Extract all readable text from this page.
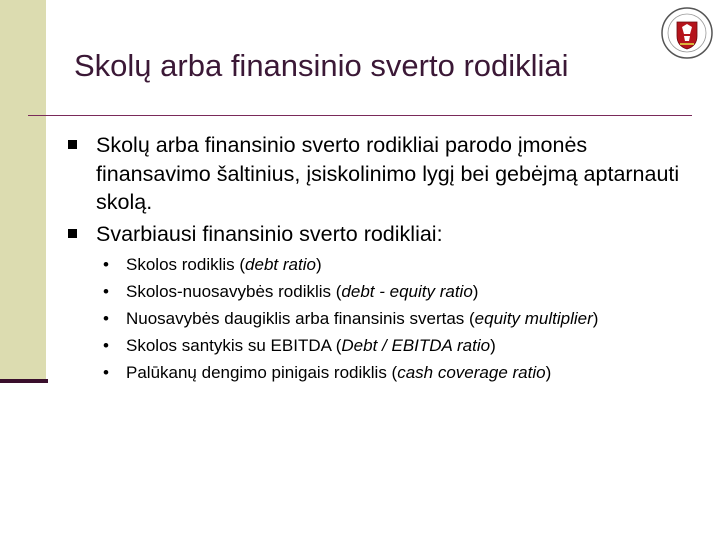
Skolų arba finansinio sverto rodikliai
Skolų arba finansinio sverto rodikliai parodo įmonės finansavimo šaltinius, įsiskolinimo lygį bei gebėjmą aptarnauti skolą.
Svarbiausi finansinio sverto rodikliai:
• Skolos rodiklis (debt ratio)
• Skolos-nuosavybės rodiklis (debt - equity ratio)
• Nuosavybės daugiklis arba finansinis svertas (equity multiplier)
• Skolos santykis su EBITDA (Debt / EBITDA ratio)
• Palūkanų dengimo pinigais rodiklis (cash coverage ratio)
